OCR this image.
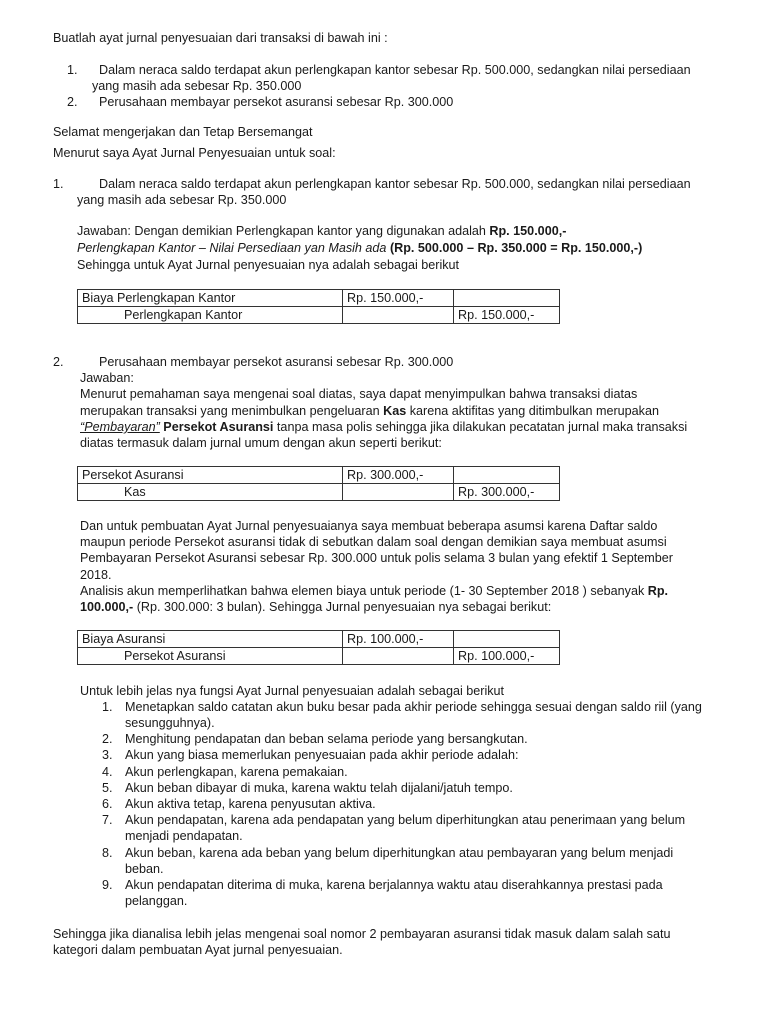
Buatlah ayat jurnal penyesuaian dari transaksi di bawah ini :
1. Dalam neraca saldo terdapat akun perlengkapan kantor sebesar Rp. 500.000, sedangkan nilai persediaan
yang masih ada sebesar Rp. 350.000
2. Perusahaan membayar persekot asuransi sebesar Rp. 300.000
Selamat mengerjakan dan Tetap Bersemangat
Menurut saya Ayat Jurnal Penyesuaian untuk soal:
1.	Dalam neraca saldo terdapat akun perlengkapan kantor sebesar Rp. 500.000, sedangkan nilai persediaan
yang masih ada sebesar Rp. 350.000
Jawaban: Dengan demikian Perlengkapan kantor yang digunakan adalah Rp. 150.000,-
Perlengkapan Kantor – Nilai Persediaan yan Masih ada (Rp. 500.000 – Rp. 350.000 = Rp. 150.000,-)
Sehingga untuk Ayat Jurnal penyesuaian nya adalah sebagai berikut
Biaya Perlengkapan Kantor	Rp. 150.000,-	
Perlengkapan Kantor		Rp. 150.000,-
2.	Perusahaan membayar persekot asuransi sebesar Rp. 300.000
Jawaban:
Menurut pemahaman saya mengenai soal diatas, saya dapat menyimpulkan bahwa transaksi diatas
merupakan transaksi yang menimbulkan pengeluaran Kas karena aktifitas yang ditimbulkan merupakan
“Pembayaran” Persekot Asuransi tanpa masa polis sehingga jika dilakukan pecatatan jurnal maka transaksi
diatas termasuk dalam jurnal umum dengan akun seperti berikut:
Persekot Asuransi	Rp. 300.000,-	
Kas		Rp. 300.000,-
Dan untuk pembuatan Ayat Jurnal penyesuaianya saya membuat beberapa asumsi karena Daftar saldo
maupun periode Persekot asuransi tidak di sebutkan dalam soal dengan demikian saya membuat asumsi
Pembayaran Persekot Asuransi sebesar Rp. 300.000 untuk polis selama 3 bulan yang efektif 1 September
2018.
Analisis akun memperlihatkan bahwa elemen biaya untuk periode (1- 30 September 2018 ) sebanyak Rp.
100.000,- (Rp. 300.000: 3 bulan). Sehingga Jurnal penyesuaian nya sebagai berikut:
Biaya Asuransi	Rp. 100.000,-	
Persekot Asuransi		Rp. 100.000,-
Untuk lebih jelas nya fungsi Ayat Jurnal penyesuaian adalah sebagai berikut
1. Menetapkan saldo catatan akun buku besar pada akhir periode sehingga sesuai dengan saldo riil (yang
sesungguhnya).
2. Menghitung pendapatan dan beban selama periode yang bersangkutan.
3. Akun yang biasa memerlukan penyesuaian pada akhir periode adalah:
4. Akun perlengkapan, karena pemakaian.
5. Akun beban dibayar di muka, karena waktu telah dijalani/jatuh tempo.
6. Akun aktiva tetap, karena penyusutan aktiva.
7. Akun pendapatan, karena ada pendapatan yang belum diperhitungkan atau penerimaan yang belum
menjadi pendapatan.
8. Akun beban, karena ada beban yang belum diperhitungkan atau pembayaran yang belum menjadi
beban.
9. Akun pendapatan diterima di muka, karena berjalannya waktu atau diserahkannya prestasi pada
pelanggan.
Sehingga jika dianalisa lebih jelas mengenai soal nomor 2 pembayaran asuransi tidak masuk dalam salah satu
kategori dalam pembuatan Ayat jurnal penyesuaian.
